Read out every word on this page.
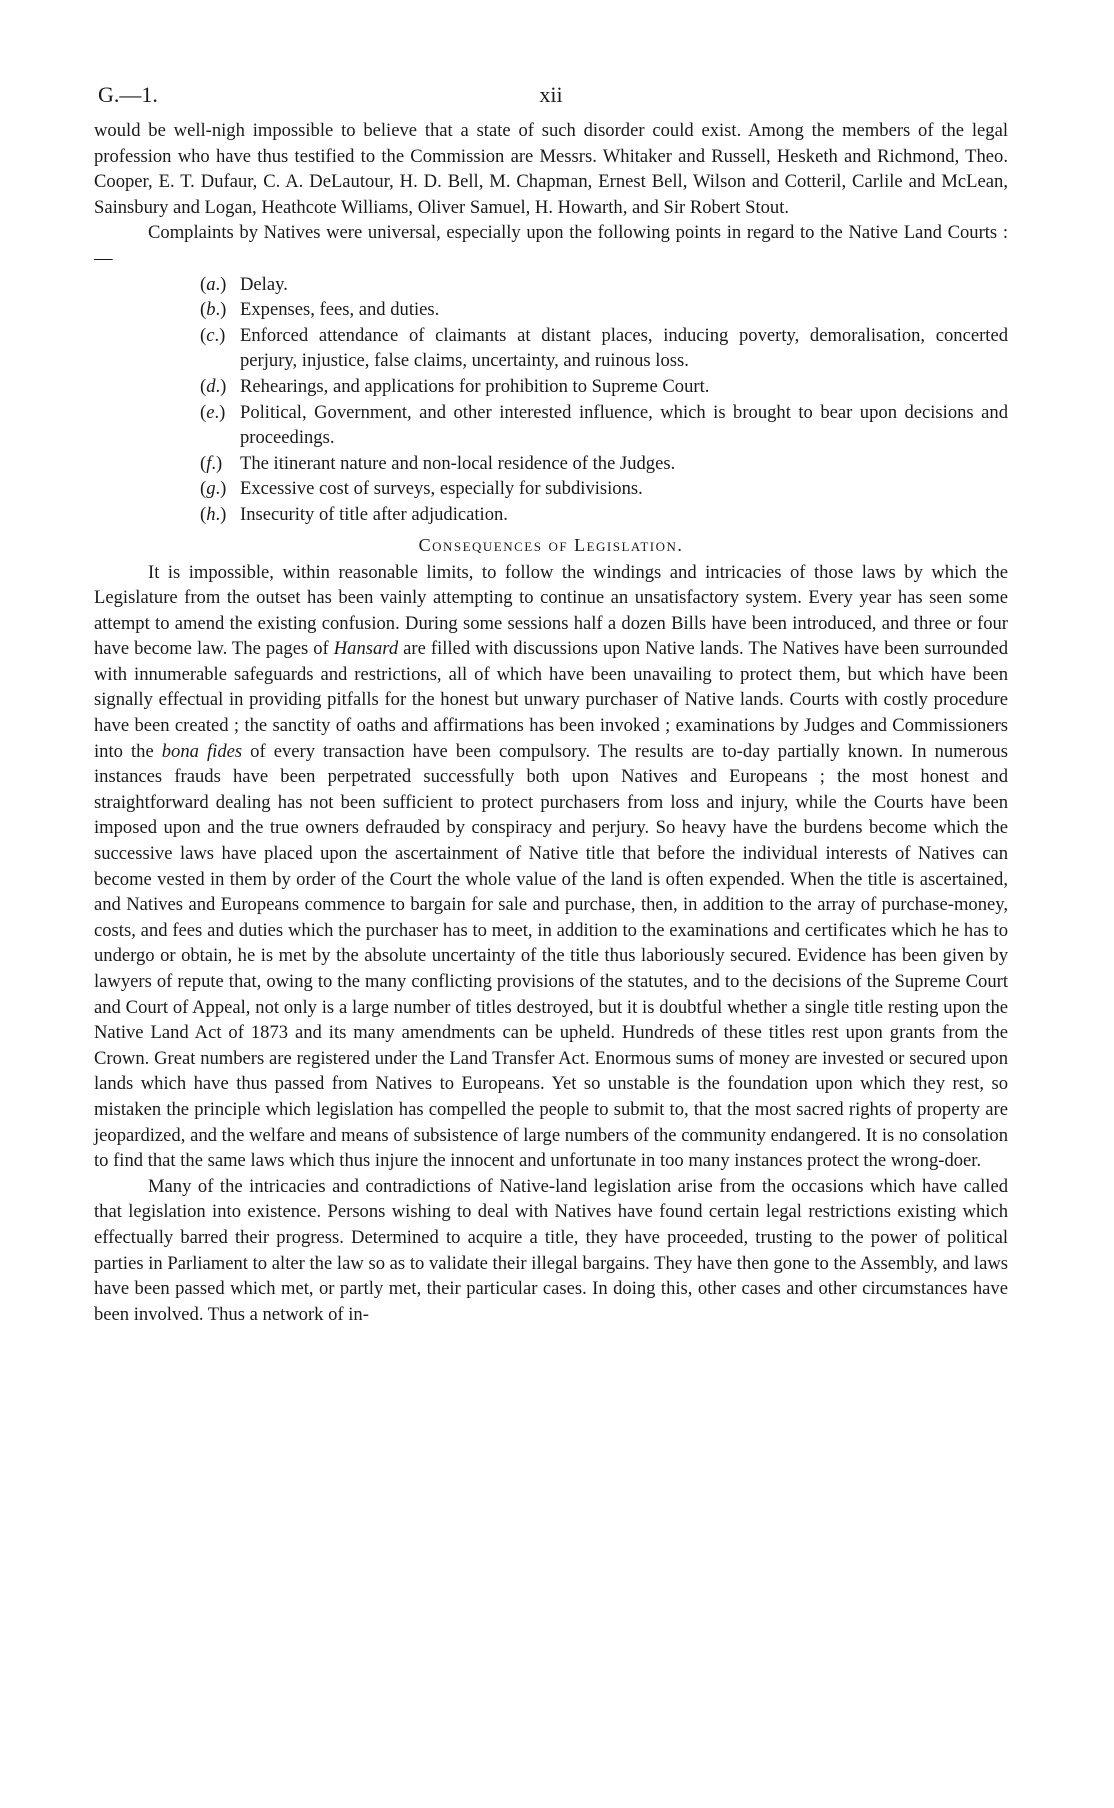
G.—1.	xii

would be well-nigh impossible to believe that a state of such disorder could exist. Among the members of the legal profession who have thus testified to the Commission are Messrs. Whitaker and Russell, Hesketh and Richmond, Theo. Cooper, E. T. Dufaur, C. A. DeLautour, H. D. Bell, M. Chapman, Ernest Bell, Wilson and Cotteril, Carlile and McLean, Sainsbury and Logan, Heathcote Williams, Oliver Samuel, H. Howarth, and Sir Robert Stout.

Complaints by Natives were universal, especially upon the following points in regard to the Native Land Courts :—

(a.) Delay.
(b.) Expenses, fees, and duties.
(c.) Enforced attendance of claimants at distant places, inducing poverty, demoralisation, concerted perjury, injustice, false claims, uncertainty, and ruinous loss.
(d.) Rehearings, and applications for prohibition to Supreme Court.
(e.) Political, Government, and other interested influence, which is brought to bear upon decisions and proceedings.
(f.) The itinerant nature and non-local residence of the Judges.
(g.) Excessive cost of surveys, especially for subdivisions.
(h.) Insecurity of title after adjudication.
Consequences of Legislation.

It is impossible, within reasonable limits, to follow the windings and intricacies of those laws by which the Legislature from the outset has been vainly attempting to continue an unsatisfactory system. Every year has seen some attempt to amend the existing confusion. During some sessions half a dozen Bills have been introduced, and three or four have become law. The pages of Hansard are filled with discussions upon Native lands. The Natives have been surrounded with innumerable safeguards and restrictions, all of which have been unavailing to protect them, but which have been signally effectual in providing pitfalls for the honest but unwary purchaser of Native lands. Courts with costly procedure have been created ; the sanctity of oaths and affirmations has been invoked ; examinations by Judges and Commissioners into the bona fides of every transaction have been compulsory. The results are to-day partially known. In numerous instances frauds have been perpetrated successfully both upon Natives and Europeans ; the most honest and straightforward dealing has not been sufficient to protect purchasers from loss and injury, while the Courts have been imposed upon and the true owners defrauded by conspiracy and perjury. So heavy have the burdens become which the successive laws have placed upon the ascertainment of Native title that before the individual interests of Natives can become vested in them by order of the Court the whole value of the land is often expended. When the title is ascertained, and Natives and Europeans commence to bargain for sale and purchase, then, in addition to the array of purchase-money, costs, and fees and duties which the purchaser has to meet, in addition to the examinations and certificates which he has to undergo or obtain, he is met by the absolute uncertainty of the title thus laboriously secured. Evidence has been given by lawyers of repute that, owing to the many conflicting provisions of the statutes, and to the decisions of the Supreme Court and Court of Appeal, not only is a large number of titles destroyed, but it is doubtful whether a single title resting upon the Native Land Act of 1873 and its many amendments can be upheld. Hundreds of these titles rest upon grants from the Crown. Great numbers are registered under the Land Transfer Act. Enormous sums of money are invested or secured upon lands which have thus passed from Natives to Europeans. Yet so unstable is the foundation upon which they rest, so mistaken the principle which legislation has compelled the people to submit to, that the most sacred rights of property are jeopardized, and the welfare and means of subsistence of large numbers of the community endangered. It is no consolation to find that the same laws which thus injure the innocent and unfortunate in too many instances protect the wrong-doer.

Many of the intricacies and contradictions of Native-land legislation arise from the occasions which have called that legislation into existence. Persons wishing to deal with Natives have found certain legal restrictions existing which effectually barred their progress. Determined to acquire a title, they have proceeded, trusting to the power of political parties in Parliament to alter the law so as to validate their illegal bargains. They have then gone to the Assembly, and laws have been passed which met, or partly met, their particular cases. In doing this, other cases and other circumstances have been involved. Thus a network of in-
